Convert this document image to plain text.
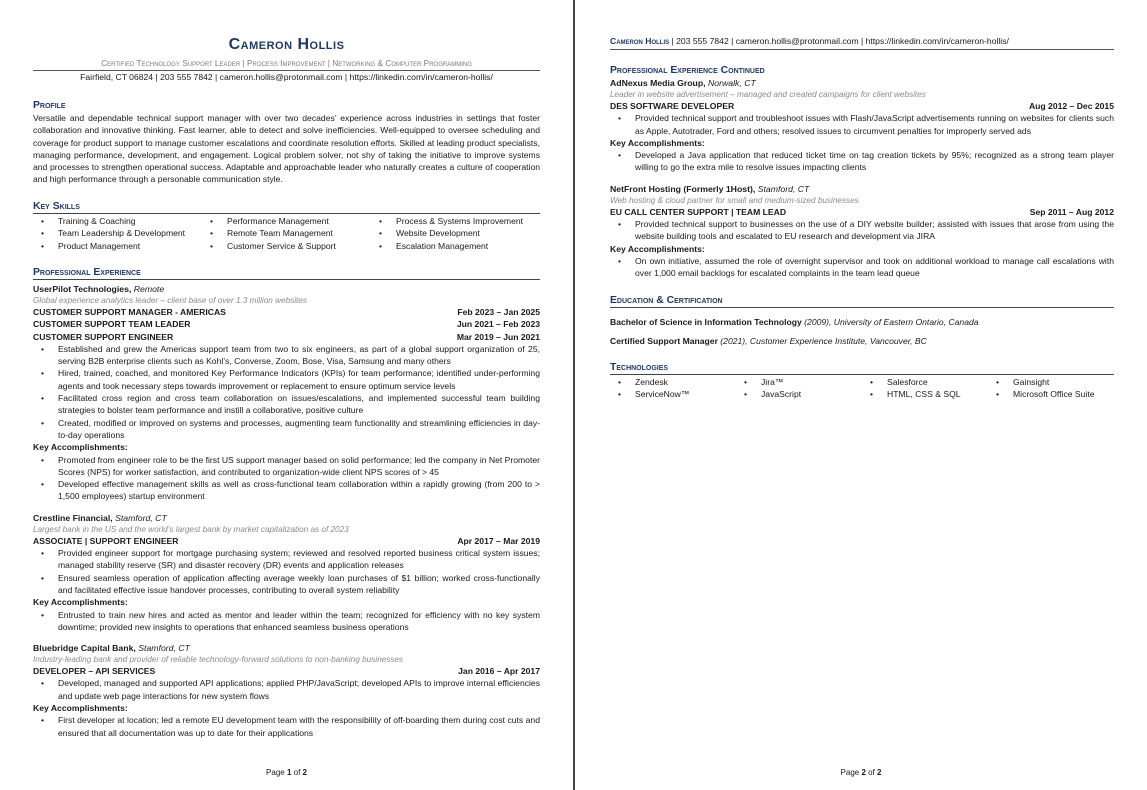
Cameron Hollis
Certified Technology Support Leader | Process Improvement | Networking & Computer Programming
Fairfield, CT 06824 | 203 555 7842 | cameron.hollis@protonmail.com | https://linkedin.com/in/cameron-hollis/
Profile
Versatile and dependable technical support manager with over two decades’ experience across industries in settings that foster collaboration and innovative thinking. Fast learner, able to detect and solve inefficiencies. Well-equipped to oversee scheduling and coverage for product support to manage customer escalations and coordinate resolution efforts. Skilled at leading product specialists, managing performance, development, and engagement. Logical problem solver, not shy of taking the initiative to improve systems and processes to strengthen operational success. Adaptable and approachable leader who naturally creates a culture of cooperation and high performance through a personable communication style.
Key Skills
• Training & Coaching	• Performance Management	• Process & Systems Improvement
• Team Leadership & Development	• Remote Team Management	• Website Development
• Product Management	• Customer Service & Support	• Escalation Management
Professional Experience
UserPilot Technologies, Remote
Global experience analytics leader – client base of over 1.3 million websites
CUSTOMER SUPPORT MANAGER - AMERICAS	Feb 2023 – Jan 2025
CUSTOMER SUPPORT TEAM LEADER	Jun 2021 – Feb 2023
CUSTOMER SUPPORT ENGINEER	Mar 2019 – Jun 2021
• Established and grew the Americas support team from two to six engineers, as part of a global support organization of 25, serving B2B enterprise clients such as Kohl’s, Converse, Zoom, Bose, Visa, Samsung and many others
• Hired, trained, coached, and monitored Key Performance Indicators (KPIs) for team performance; identified under-performing agents and took necessary steps towards improvement or replacement to ensure optimum service levels
• Facilitated cross region and cross team collaboration on issues/escalations, and implemented successful team building strategies to bolster team performance and instill a collaborative, positive culture
• Created, modified or improved on systems and processes, augmenting team functionality and streamlining efficiencies in day-to-day operations
Key Accomplishments:
• Promoted from engineer role to be the first US support manager based on solid performance; led the company in Net Promoter Scores (NPS) for worker satisfaction, and contributed to organization-wide client NPS scores of > 45
• Developed effective management skills as well as cross-functional team collaboration within a rapidly growing (from 200 to > 1,500 employees) startup environment
Crestline Financial, Stamford, CT
Largest bank in the US and the world’s largest bank by market capitalization as of 2023
ASSOCIATE | SUPPORT ENGINEER	Apr 2017 – Mar 2019
• Provided engineer support for mortgage purchasing system; reviewed and resolved reported business critical system issues; managed stability reserve (SR) and disaster recovery (DR) events and application releases
• Ensured seamless operation of application affecting average weekly loan purchases of $1 billion; worked cross-functionally and facilitated effective issue handover processes, contributing to overall system reliability
Key Accomplishments:
• Entrusted to train new hires and acted as mentor and leader within the team; recognized for efficiency with no key system downtime; provided new insights to operations that enhanced seamless business operations
Bluebridge Capital Bank, Stamford, CT
Industry-leading bank and provider of reliable technology-forward solutions to non-banking businesses
DEVELOPER – API SERVICES	Jan 2016 – Apr 2017
• Developed, managed and supported API applications; applied PHP/JavaScript; developed APIs to improve internal efficiencies and update web page interactions for new system flows
Key Accomplishments:
• First developer at location; led a remote EU development team with the responsibility of off-boarding them during cost cuts and ensured that all documentation was up to date for their applications
Page 1 of 2
Cameron Hollis | 203 555 7842 | cameron.hollis@protonmail.com | https://linkedin.com/in/cameron-hollis/
Professional Experience Continued
AdNexus Media Group, Norwalk, CT
Leader in website advertisement – managed and created campaigns for client websites
DES SOFTWARE DEVELOPER	Aug 2012 – Dec 2015
• Provided technical support and troubleshoot issues with Flash/JavaScript advertisements running on websites for clients such as Apple, Autotrader, Ford and others; resolved issues to circumvent penalties for improperly served ads
Key Accomplishments:
• Developed a Java application that reduced ticket time on tag creation tickets by 95%; recognized as a strong team player willing to go the extra mile to resolve issues impacting clients
NetFront Hosting (Formerly 1Host), Stamford, CT
Web hosting & cloud partner for small and medium-sized businesses
EU CALL CENTER SUPPORT | TEAM LEAD	Sep 2011 – Aug 2012
• Provided technical support to businesses on the use of a DIY website builder; assisted with issues that arose from using the website building tools and escalated to EU research and development via JIRA
Key Accomplishments:
• On own initiative, assumed the role of overnight supervisor and took on additional workload to manage call escalations with over 1,000 email backlogs for escalated complaints in the team lead queue
Education & Certification
Bachelor of Science in Information Technology (2009), University of Eastern Ontario, Canada
Certified Support Manager (2021), Customer Experience Institute, Vancouver, BC
Technologies
• Zendesk	• Jira™	• Salesforce	• Gainsight
• ServiceNow™	• JavaScript	• HTML, CSS & SQL	• Microsoft Office Suite
Page 2 of 2
